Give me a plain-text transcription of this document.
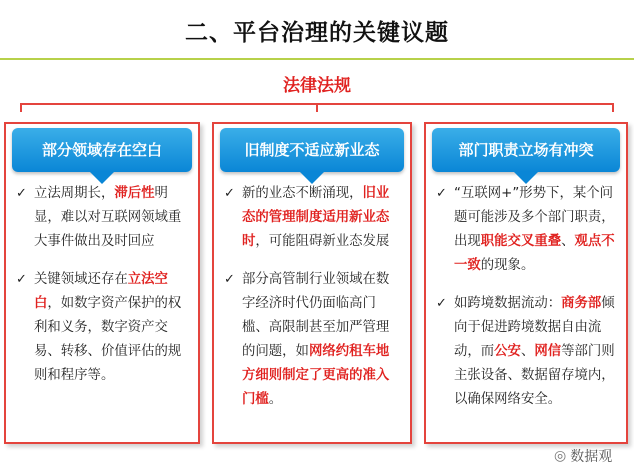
二、平台治理的关键议题
法律法规
部分领域存在空白
✓ 立法周期长，滞后性明显，难以对互联网领域重大事件做出及时回应
✓ 关键领域还存在立法空白，如数字资产保护的权利和义务，数字资产交易、转移、价值评估的规则和程序等。
旧制度不适应新业态
✓ 新的业态不断涌现，旧业态的管理制度适用新业态时，可能阻碍新业态发展
✓ 部分高管制行业领域在数字经济时代仍面临高门槛、高限制甚至加严管理的问题，如网络约租车地方细则制定了更高的准入门槛。
部门职责立场有冲突
✓ “互联网+”形势下，某个问题可能涉及多个部门职责，出现职能交叉重叠、观点不一致的现象。
✓ 如跨境数据流动：商务部倾向于促进跨境数据自由流动，而公安、网信等部门则主张设备、数据留存境内，以确保网络安全。
◎ 数据观
